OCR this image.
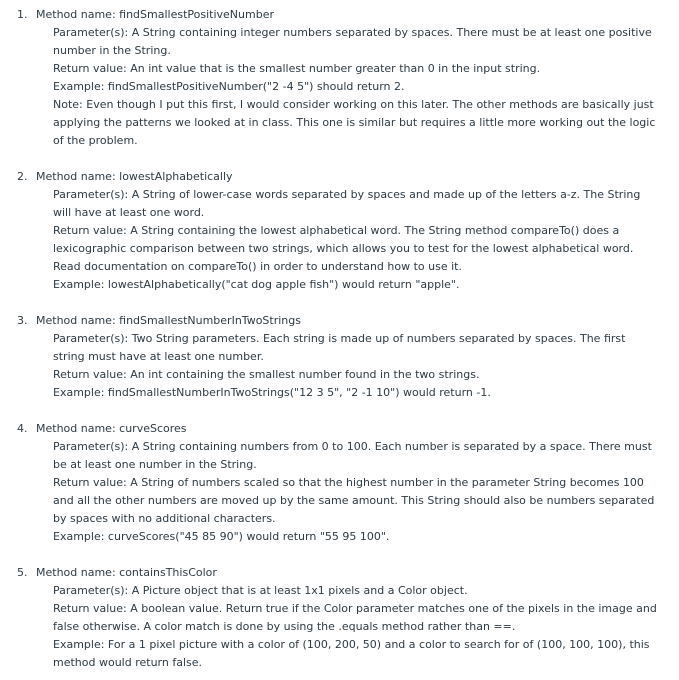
1. Method name: findSmallestPositiveNumber

Parameter(s): A String containing integer numbers separated by spaces. There must be at least one positive number in the String.

Return value: An int value that is the smallest number greater than 0 in the input string.

Example: findSmallestPositiveNumber("2 -4 5") should return 2.

Note: Even though I put this first, I would consider working on this later. The other methods are basically just applying the patterns we looked at in class. This one is similar but requires a little more working out the logic of the problem.

2. Method name: lowestAlphabetically

Parameter(s): A String of lower-case words separated by spaces and made up of the letters a-z. The String will have at least one word.

Return value: A String containing the lowest alphabetical word. The String method compareTo() does a lexicographic comparison between two strings, which allows you to test for the lowest alphabetical word. Read documentation on compareTo() in order to understand how to use it.

Example: lowestAlphabetically("cat dog apple fish") would return "apple".

3. Method name: findSmallestNumberInTwoStrings

Parameter(s): Two String parameters. Each string is made up of numbers separated by spaces. The first string must have at least one number.

Return value: An int containing the smallest number found in the two strings.

Example: findSmallestNumberInTwoStrings("12 3 5", "2 -1 10") would return -1.

4. Method name: curveScores

Parameter(s): A String containing numbers from 0 to 100. Each number is separated by a space. There must be at least one number in the String.

Return value: A String of numbers scaled so that the highest number in the parameter String becomes 100 and all the other numbers are moved up by the same amount. This String should also be numbers separated by spaces with no additional characters.

Example: curveScores("45 85 90") would return "55 95 100".

5. Method name: containsThisColor

Parameter(s): A Picture object that is at least 1x1 pixels and a Color object.

Return value: A boolean value. Return true if the Color parameter matches one of the pixels in the image and false otherwise. A color match is done by using the .equals method rather than ==.

Example: For a 1 pixel picture with a color of (100, 200, 50) and a color to search for of (100, 100, 100), this method would return false.
